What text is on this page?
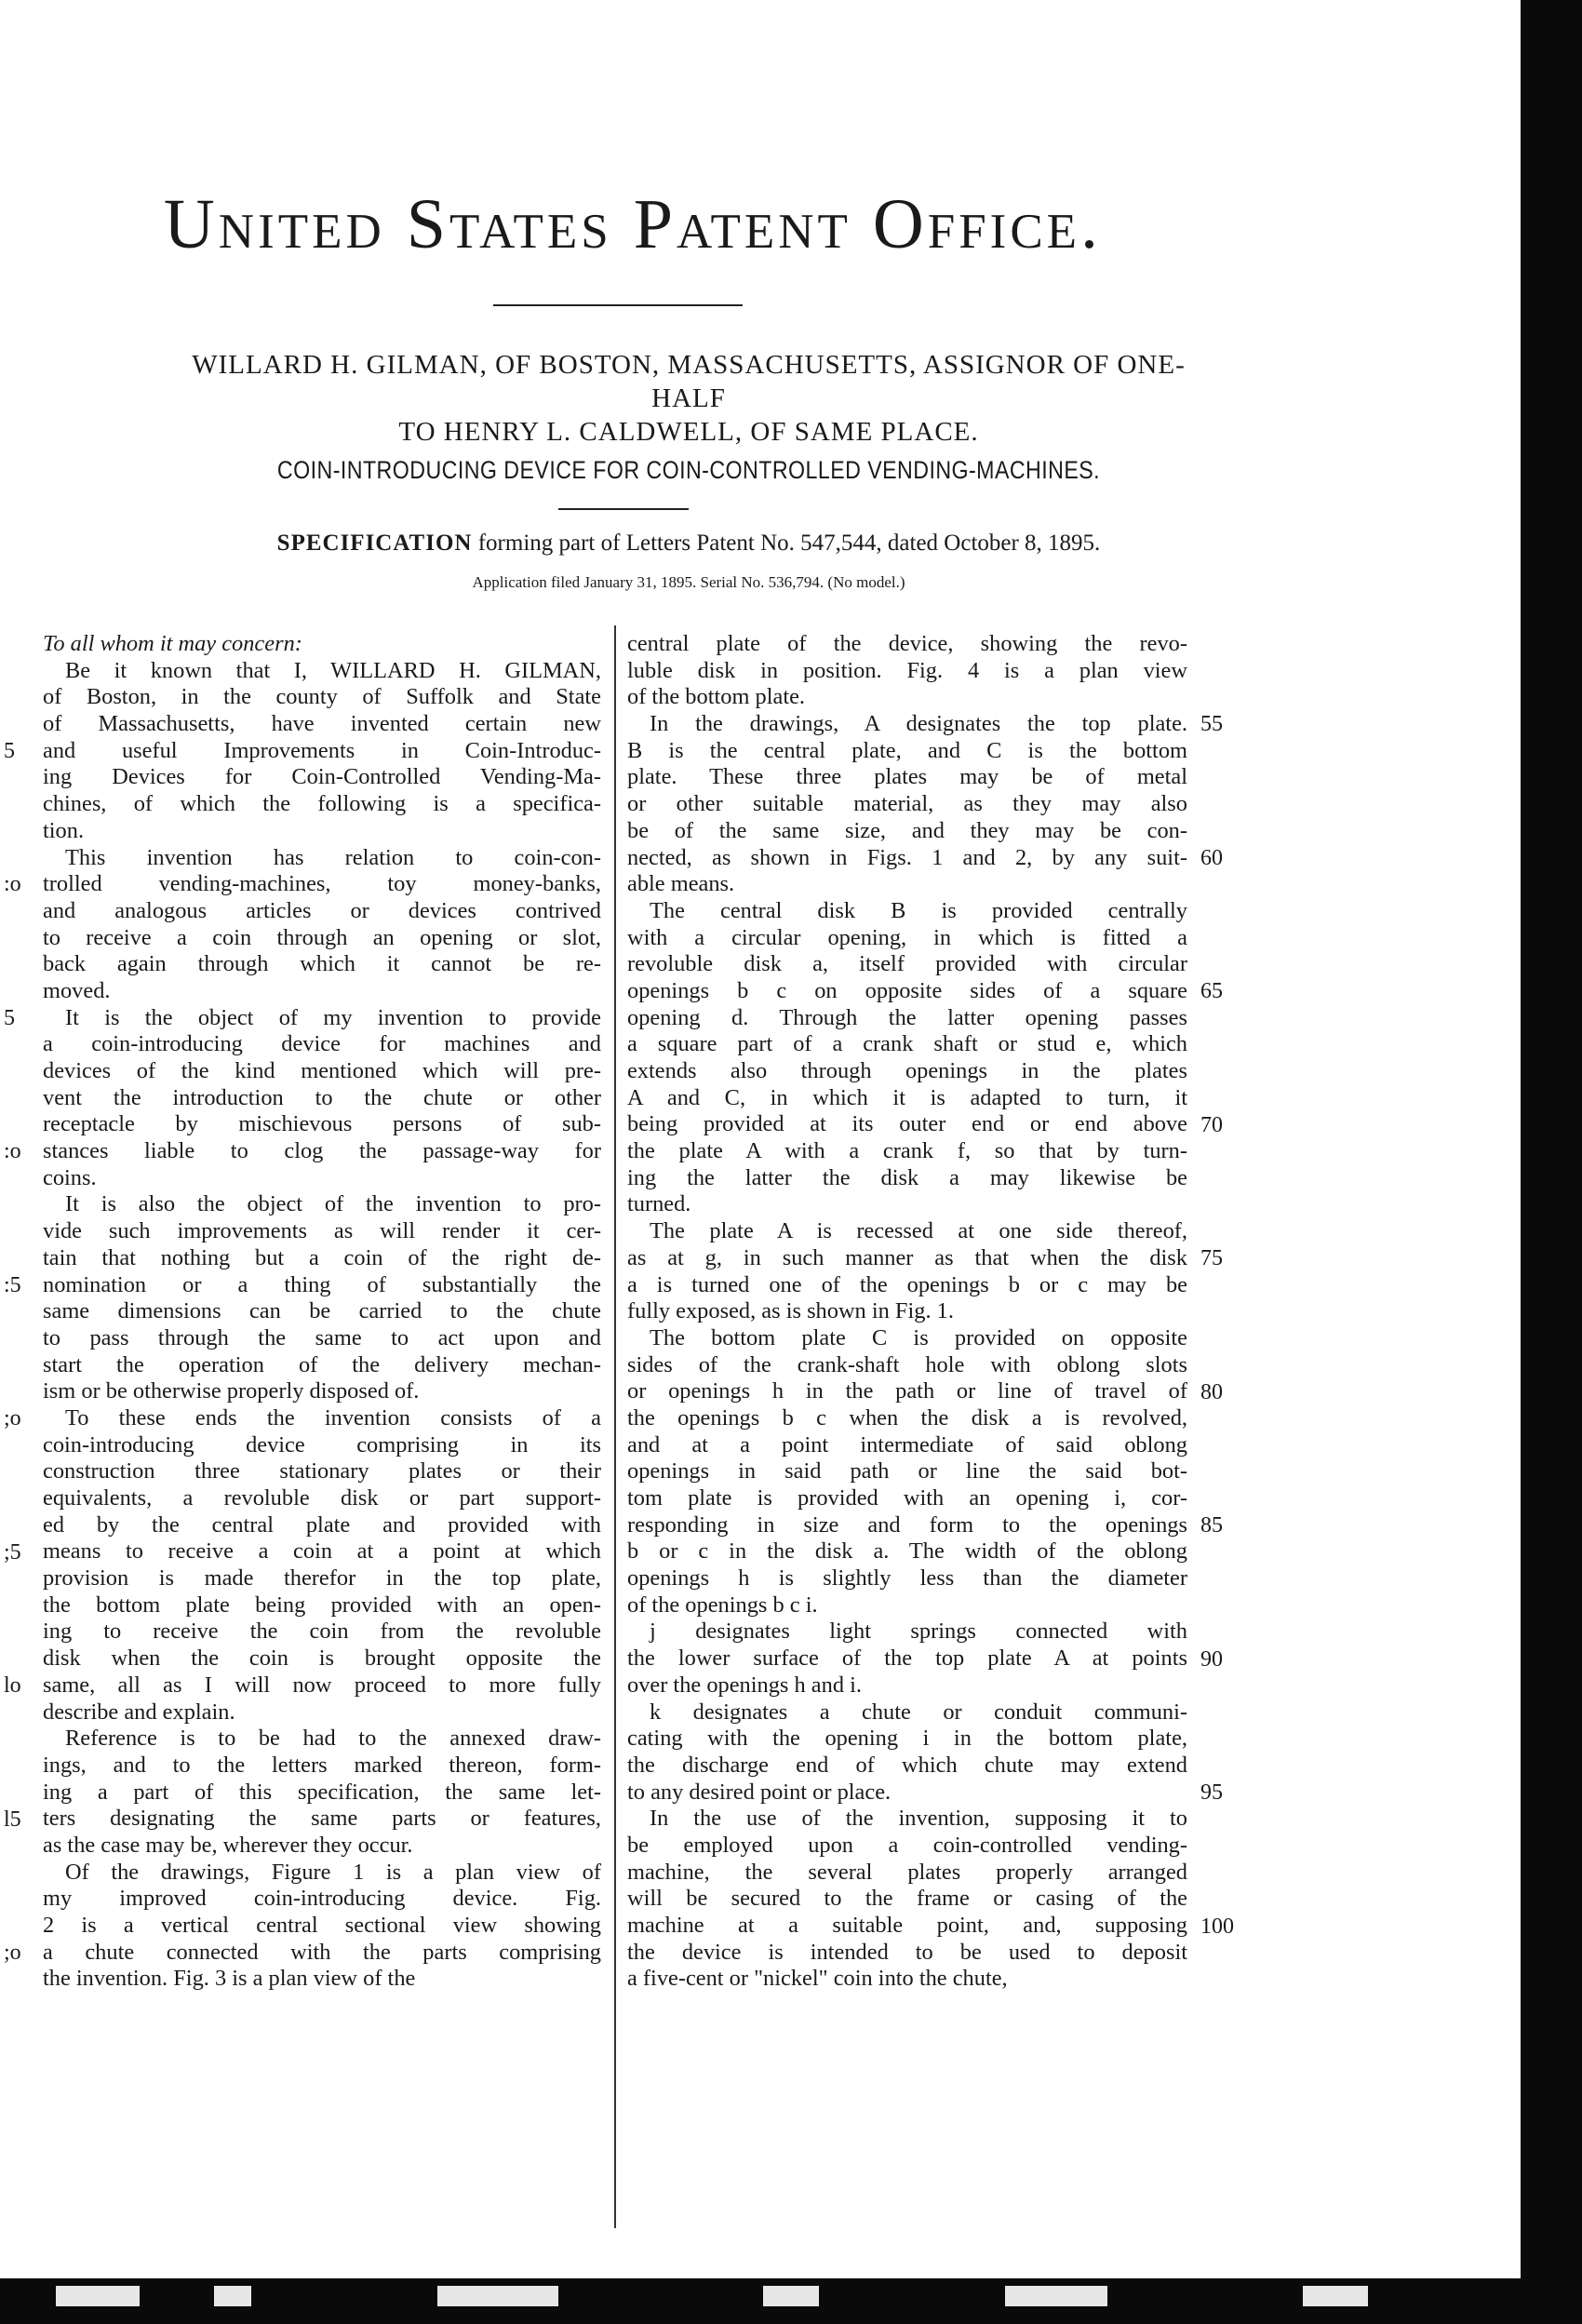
United States Patent Office.
WILLARD H. GILMAN, OF BOSTON, MASSACHUSETTS, ASSIGNOR OF ONE-HALF
TO HENRY L. CALDWELL, OF SAME PLACE.
COIN-INTRODUCING DEVICE FOR COIN-CONTROLLED VENDING-MACHINES.
SPECIFICATION forming part of Letters Patent No. 547,544, dated October 8, 1895.
Application filed January 31, 1895. Serial No. 536,794. (No model.)
To all whom it may concern:
Be it known that I, WILLARD H. GILMAN,
of Boston, in the county of Suffolk and State
of Massachusetts, have invented certain new
and useful Improvements in Coin-Introduc-
ing Devices for Coin-Controlled Vending-Ma-
chines, of which the following is a specifica-
tion.
This invention has relation to coin-con-
trolled vending-machines, toy money-banks,
and analogous articles or devices contrived
to receive a coin through an opening or slot,
back again through which it cannot be re-
moved.
It is the object of my invention to provide
a coin-introducing device for machines and
devices of the kind mentioned which will pre-
vent the introduction to the chute or other
receptacle by mischievous persons of sub-
stances liable to clog the passage-way for
coins.
It is also the object of the invention to pro-
vide such improvements as will render it cer-
tain that nothing but a coin of the right de-
nomination or a thing of substantially the
same dimensions can be carried to the chute
to pass through the same to act upon and
start the operation of the delivery mechan-
ism or be otherwise properly disposed of.
To these ends the invention consists of a
coin-introducing device comprising in its
construction three stationary plates or their
equivalents, a revoluble disk or part support-
ed by the central plate and provided with
means to receive a coin at a point at which
provision is made therefor in the top plate,
the bottom plate being provided with an open-
ing to receive the coin from the revoluble
disk when the coin is brought opposite the
same, all as I will now proceed to more fully
describe and explain.
Reference is to be had to the annexed draw-
ings, and to the letters marked thereon, form-
ing a part of this specification, the same let-
ters designating the same parts or features,
as the case may be, wherever they occur.
Of the drawings, Figure 1 is a plan view of
my improved coin-introducing device. Fig.
2 is a vertical central sectional view showing
a chute connected with the parts comprising
the invention. Fig. 3 is a plan view of the
central plate of the device, showing the revo-
luble disk in position. Fig. 4 is a plan view
of the bottom plate.
In the drawings, A designates the top plate.
B is the central plate, and C is the bottom
plate. These three plates may be of metal
or other suitable material, as they may also
be of the same size, and they may be con-
nected, as shown in Figs. 1 and 2, by any suit-
able means.
The central disk B is provided centrally
with a circular opening, in which is fitted a
revoluble disk a, itself provided with circular
openings b c on opposite sides of a square
opening d. Through the latter opening passes
a square part of a crank shaft or stud e, which
extends also through openings in the plates
A and C, in which it is adapted to turn, it
being provided at its outer end or end above
the plate A with a crank f, so that by turn-
ing the latter the disk a may likewise be
turned.
The plate A is recessed at one side thereof,
as at g, in such manner as that when the disk
a is turned one of the openings b or c may be
fully exposed, as is shown in Fig. 1.
The bottom plate C is provided on opposite
sides of the crank-shaft hole with oblong slots
or openings h in the path or line of travel of
the openings b c when the disk a is revolved,
and at a point intermediate of said oblong
openings in said path or line the said bot-
tom plate is provided with an opening i, cor-
responding in size and form to the openings
b or c in the disk a. The width of the oblong
openings h is slightly less than the diameter
of the openings b c i.
j designates light springs connected with
the lower surface of the top plate A at points
over the openings h and i.
k designates a chute or conduit communi-
cating with the opening i in the bottom plate,
the discharge end of which chute may extend
to any desired point or place.
In the use of the invention, supposing it to
be employed upon a coin-controlled vending-
machine, the several plates properly arranged
will be secured to the frame or casing of the
machine at a suitable point, and, supposing
the device is intended to be used to deposit
a five-cent or "nickel" coin into the chute,
5
:o
5
:o
:5
;o
;5
lo
l5
;o
55
60
65
70
75
80
85
90
95
100
